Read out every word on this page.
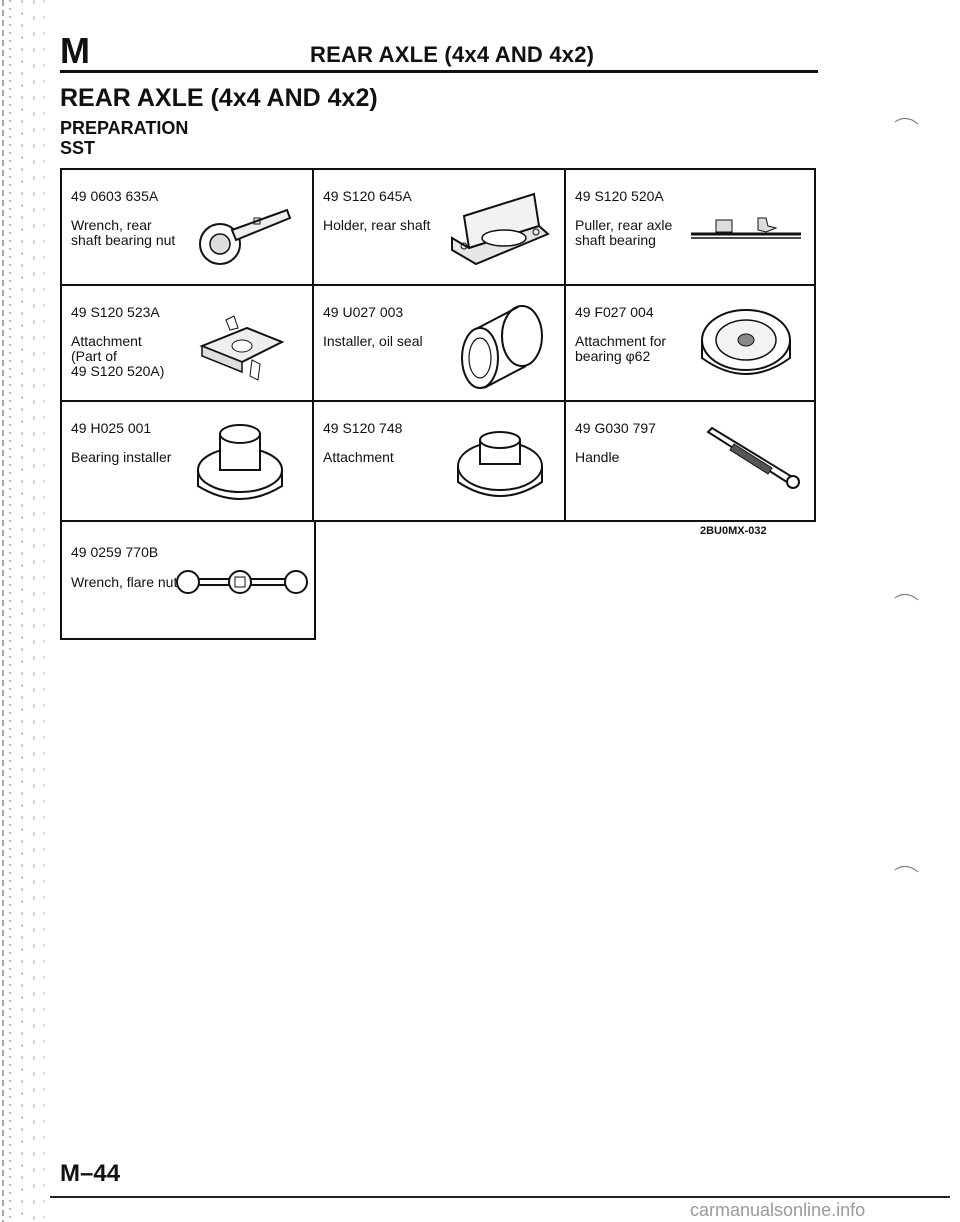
M	REAR AXLE (4x4 AND 4x2)
REAR AXLE (4x4 AND 4x2)
PREPARATION
SST
49 0603 635A
Wrench, rear
shaft bearing nut
49 S120 645A
Holder, rear shaft
49 S120 520A
Puller, rear axle
shaft bearing
49 S120 523A
Attachment
(Part of
49 S120 520A)
49 U027 003
Installer, oil seal
49 F027 004
Attachment for
bearing φ62
49 H025 001
Bearing installer
49 S120 748
Attachment
49 G030 797
Handle
2BU0MX-032
49 0259 770B
Wrench, flare nut
M–44
carmanualsonline.info
